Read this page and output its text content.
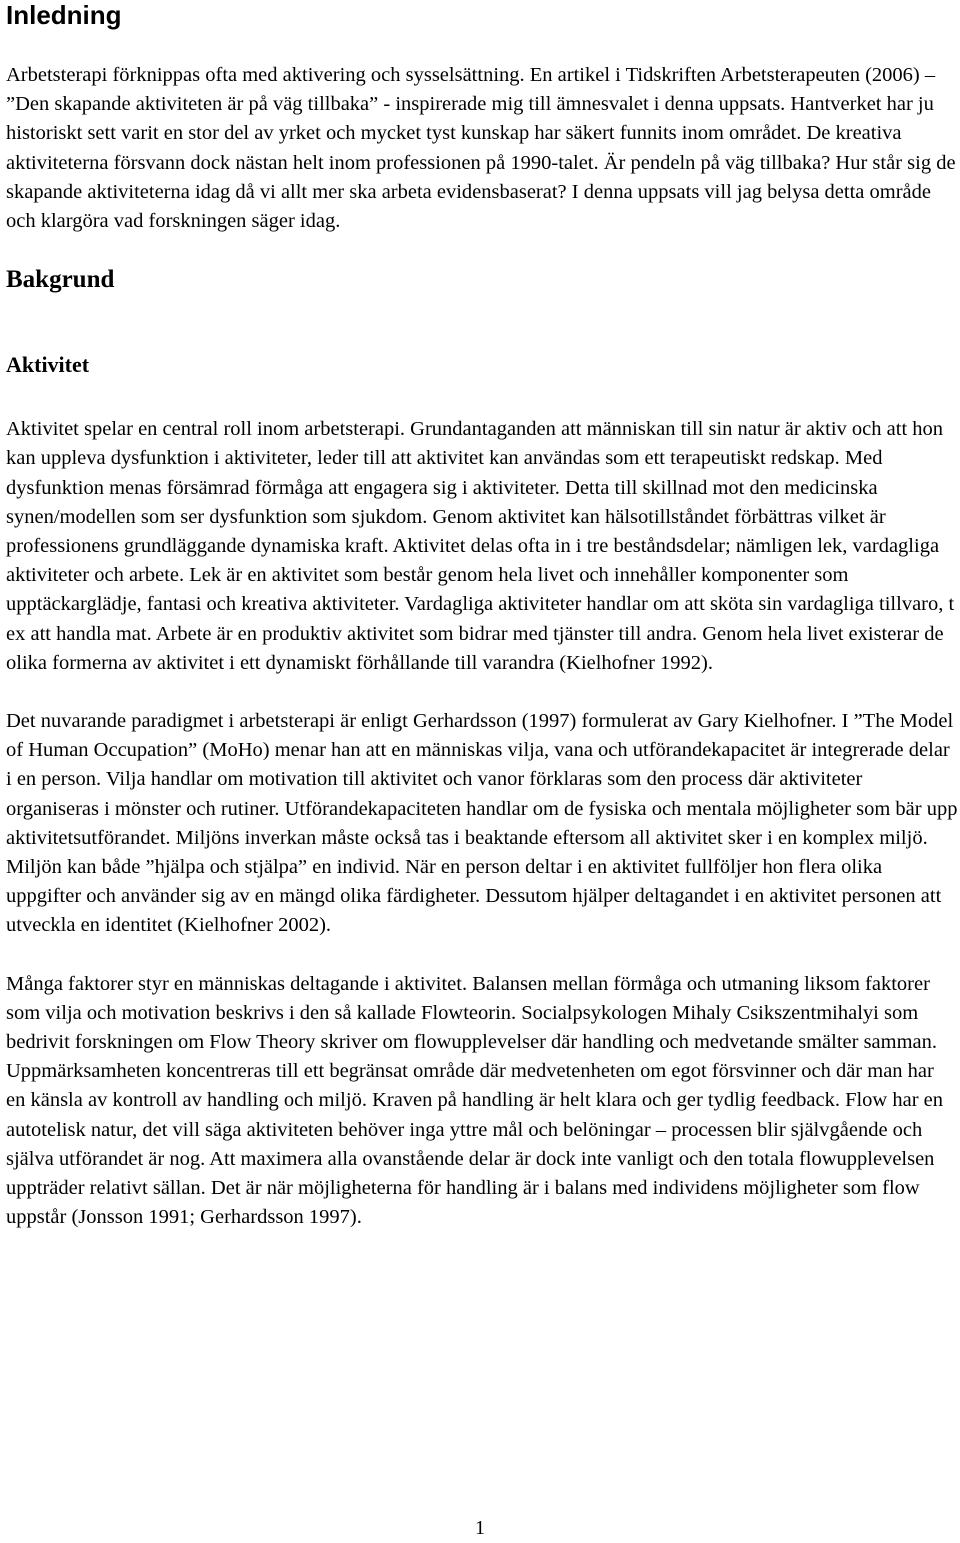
Inledning

Arbetsterapi förknippas ofta med aktivering och sysselsättning. En artikel i Tidskriften Arbetsterapeuten (2006) – ”Den skapande aktiviteten är på väg tillbaka” - inspirerade mig till ämnesvalet i denna uppsats. Hantverket har ju historiskt sett varit en stor del av yrket och mycket tyst kunskap har säkert funnits inom området. De kreativa aktiviteterna försvann dock nästan helt inom professionen på 1990-talet. Är pendeln på väg tillbaka? Hur står sig de skapande aktiviteterna idag då vi allt mer ska arbeta evidensbaserat? I denna uppsats vill jag belysa detta område och klargöra vad forskningen säger idag.

Bakgrund
Aktivitet

Aktivitet spelar en central roll inom arbetsterapi. Grundantaganden att människan till sin natur är aktiv och att hon kan uppleva dysfunktion i aktiviteter, leder till att aktivitet kan användas som ett terapeutiskt redskap. Med dysfunktion menas försämrad förmåga att engagera sig i aktiviteter. Detta till skillnad mot den medicinska synen/modellen som ser dysfunktion som sjukdom. Genom aktivitet kan hälsotillståndet förbättras vilket är professionens grundläggande dynamiska kraft. Aktivitet delas ofta in i tre beståndsdelar; nämligen lek, vardagliga aktiviteter och arbete. Lek är en aktivitet som består genom hela livet och innehåller komponenter som upptäckarglädje, fantasi och kreativa aktiviteter. Vardagliga aktiviteter handlar om att sköta sin vardagliga tillvaro, t ex att handla mat. Arbete är en produktiv aktivitet som bidrar med tjänster till andra. Genom hela livet existerar de olika formerna av aktivitet i ett dynamiskt förhållande till varandra (Kielhofner 1992).

Det nuvarande paradigmet i arbetsterapi är enligt Gerhardsson (1997) formulerat av Gary Kielhofner. I ”The Model of Human Occupation” (MoHo) menar han att en människas vilja, vana och utförandekapacitet är integrerade delar i en person. Vilja handlar om motivation till aktivitet och vanor förklaras som den process där aktiviteter organiseras i mönster och rutiner. Utförandekapaciteten handlar om de fysiska och mentala möjligheter som bär upp aktivitetsutförandet. Miljöns inverkan måste också tas i beaktande eftersom all aktivitet sker i en komplex miljö. Miljön kan både ”hjälpa och stjälpa” en individ. När en person deltar i en aktivitet fullföljer hon flera olika uppgifter och använder sig av en mängd olika färdigheter. Dessutom hjälper deltagandet i en aktivitet personen att utveckla en identitet (Kielhofner 2002).

Många faktorer styr en människas deltagande i aktivitet. Balansen mellan förmåga och utmaning liksom faktorer som vilja och motivation beskrivs i den så kallade Flowteorin. Socialpsykologen Mihaly Csikszentmihalyi som bedrivit forskningen om Flow Theory skriver om flowupplevelser där handling och medvetande smälter samman. Uppmärksamheten koncentreras till ett begränsat område där medvetenheten om egot försvinner och där man har en känsla av kontroll av handling och miljö. Kraven på handling är helt klara och ger tydlig feedback. Flow har en autotelisk natur, det vill säga aktiviteten behöver inga yttre mål och belöningar – processen blir självgående och själva utförandet är nog. Att maximera alla ovanstående delar är dock inte vanligt och den totala flowupplevelsen uppträder relativt sällan. Det är när möjligheterna för handling är i balans med individens möjligheter som flow uppstår (Jonsson 1991; Gerhardsson 1997).

1
